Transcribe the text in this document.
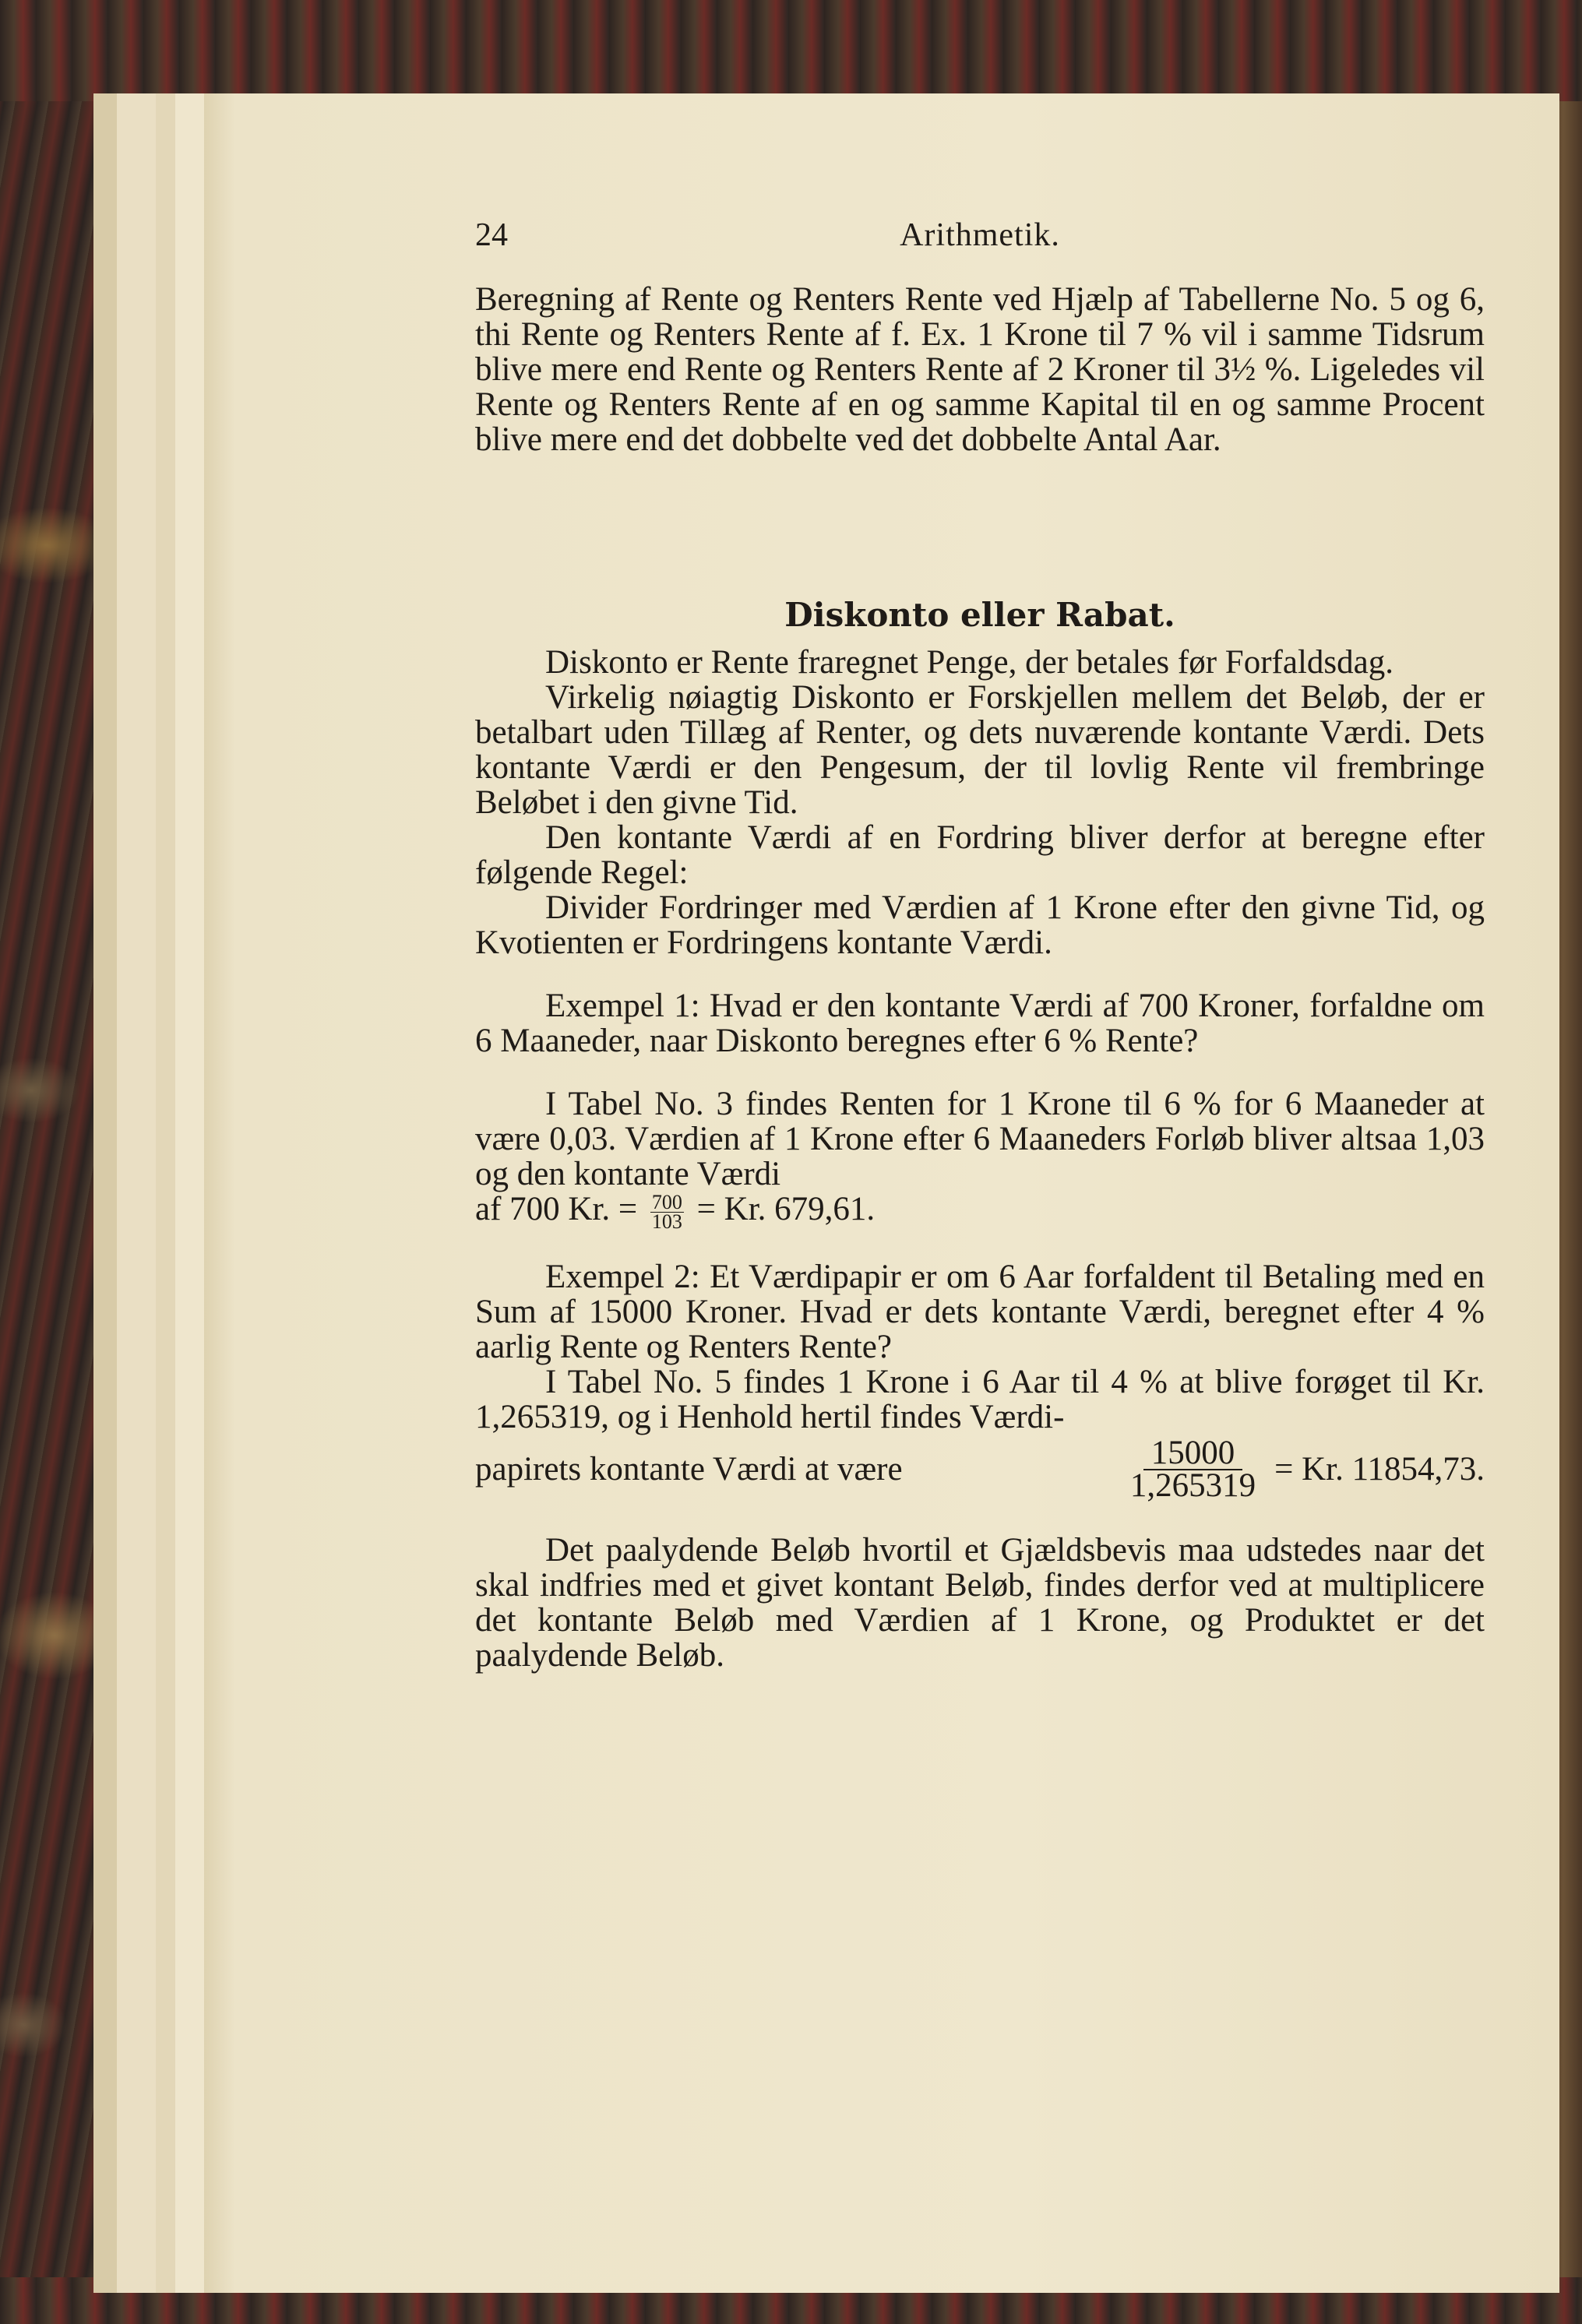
24	Arithmetik.

Beregning af Rente og Renters Rente ved Hjælp af Tabellerne No. 5 og 6, thi Rente og Renters Rente af f. Ex. 1 Krone til 7 % vil i samme Tidsrum blive mere end Rente og Renters Rente af 2 Kroner til 3½ %. Ligeledes vil Rente og Renters Rente af en og samme Kapital til en og samme Procent blive mere end det dobbelte ved det dobbelte Antal Aar.

Diskonto eller Rabat.

Diskonto er Rente fraregnet Penge, der betales før Forfaldsdag.

Virkelig nøiagtig Diskonto er Forskjellen mellem det Beløb, der er betalbart uden Tillæg af Renter, og dets nuværende kontante Værdi. Dets kontante Værdi er den Pengesum, der til lovlig Rente vil frembringe Beløbet i den givne Tid.

Den kontante Værdi af en Fordring bliver derfor at beregne efter følgende Regel:

Divider Fordringer med Værdien af 1 Krone efter den givne Tid, og Kvotienten er Fordringens kontante Værdi.

Exempel 1: Hvad er den kontante Værdi af 700 Kroner, forfaldne om 6 Maaneder, naar Diskonto beregnes efter 6 % Rente?

I Tabel No. 3 findes Renten for 1 Krone til 6 % for 6 Maaneder at være 0,03. Værdien af 1 Krone efter 6 Maaneders Forløb bliver altsaa 1,03 og den kontante Værdi

af 700 Kr. = $\frac{700}{103} = Kr$. 679,61.

Exempel 2: Et Værdipapir er om 6 Aar forfaldent til Betaling med en Sum af 15000 Kroner. Hvad er dets kontante Værdi, beregnet efter 4 % aarlig Rente og Renters Rente?

I Tabel No. 5 findes 1 Krone i 6 Aar til 4 % at blive forøget til Kr. 1,265319, og i Henhold hertil findes Værdi-

papirets kontante Værdi at være	$\frac{15000}{1,265319} = Kr$. 11854,73.

Det paalydende Beløb hvortil et Gjældsbevis maa udstedes naar det skal indfries med et givet kontant Beløb, findes derfor ved at multiplicere det kontante Beløb med Værdien af 1 Krone, og Produktet er det paalydende Beløb.
